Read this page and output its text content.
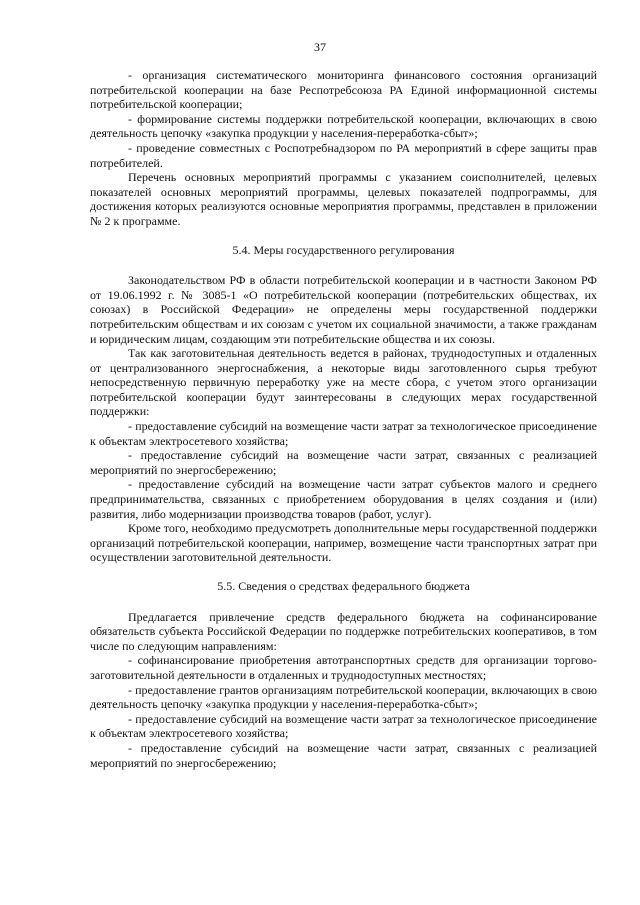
37

- организация систематического мониторинга финансового состояния организаций потребительской кооперации на базе Респотребсоюза РА Единой информационной системы потребительской кооперации;

- формирование системы поддержки потребительской кооперации, включающих в свою деятельность цепочку «закупка продукции у населения-переработка-сбыт»;

- проведение совместных с Роспотребнадзором по РА мероприятий в сфере защиты прав потребителей.

Перечень основных мероприятий программы с указанием соисполнителей, целевых показателей основных мероприятий программы, целевых показателей подпрограммы, для достижения которых реализуются основные мероприятия программы, представлен в приложении № 2 к программе.

5.4. Меры государственного регулирования

Законодательством РФ в области потребительской кооперации и в частности Законом РФ от 19.06.1992 г. № 3085-1 «О потребительской кооперации (потребительских обществах, их союзах) в Российской Федерации» не определены меры государственной поддержки потребительским обществам и их союзам с учетом их социальной значимости, а также гражданам и юридическим лицам, создающим эти потребительские общества и их союзы.

Так как заготовительная деятельность ведется в районах, труднодоступных и отдаленных от централизованного энергоснабжения, а некоторые виды заготовленного сырья требуют непосредственную первичную переработку уже на месте сбора, с учетом этого организации потребительской кооперации будут заинтересованы в следующих мерах государственной поддержки:

- предоставление субсидий на возмещение части затрат за технологическое присоединение к объектам электросетевого хозяйства;

- предоставление субсидий на возмещение части затрат, связанных с реализацией мероприятий по энергосбережению;

- предоставление субсидий на возмещение части затрат субъектов малого и среднего предпринимательства, связанных с приобретением оборудования в целях создания и (или) развития, либо модернизации производства товаров (работ, услуг).

Кроме того, необходимо предусмотреть дополнительные меры государственной поддержки организаций потребительской кооперации, например, возмещение части транспортных затрат при осуществлении заготовительной деятельности.

5.5. Сведения о средствах федерального бюджета

Предлагается привлечение средств федерального бюджета на софинансирование обязательств субъекта Российской Федерации по поддержке потребительских кооперативов, в том числе по следующим направлениям:

- софинансирование приобретения автотранспортных средств для организации торгово-заготовительной деятельности в отдаленных и труднодоступных местностях;

- предоставление грантов организациям потребительской кооперации, включающих в свою деятельность цепочку «закупка продукции у населения-переработка-сбыт»;

- предоставление субсидий на возмещение части затрат за технологическое присоединение к объектам электросетевого хозяйства;

- предоставление субсидий на возмещение части затрат, связанных с реализацией мероприятий по энергосбережению;
